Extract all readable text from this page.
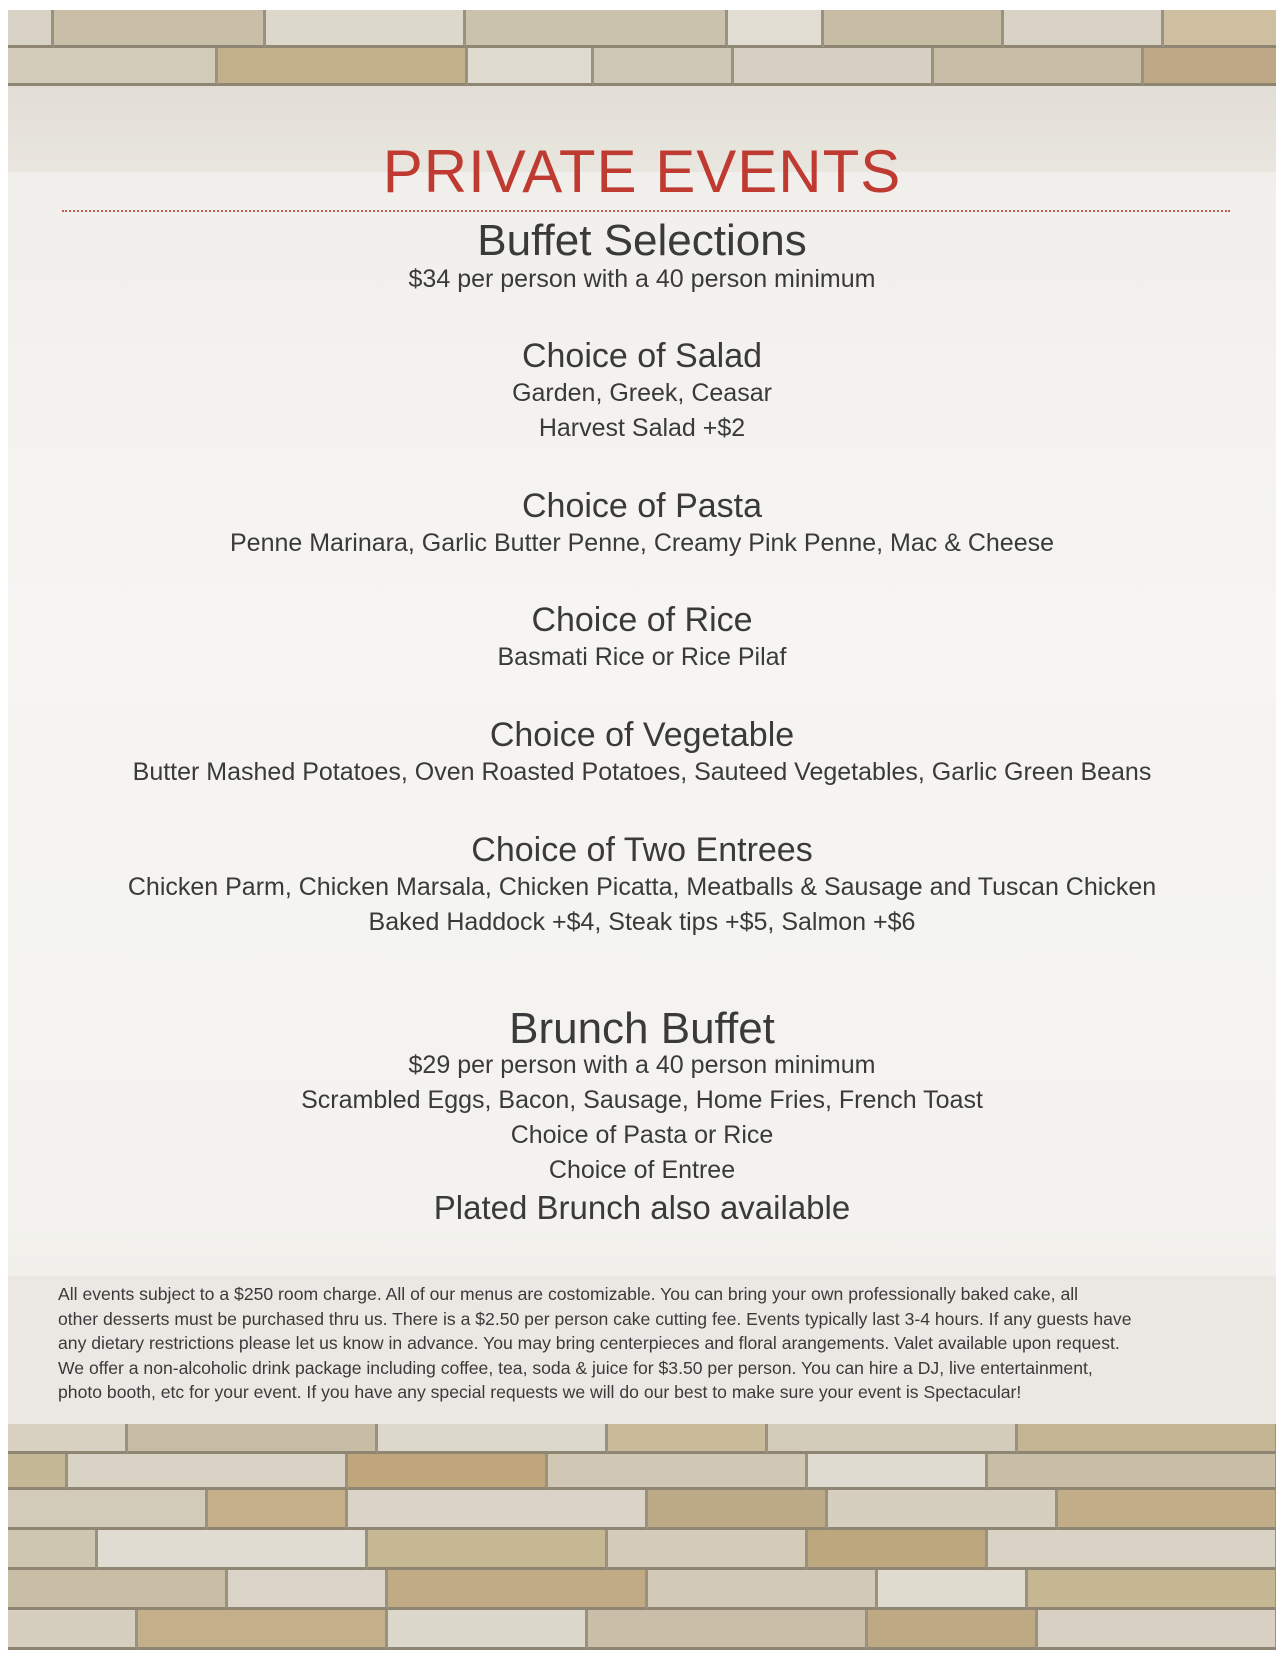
PRIVATE EVENTS
Buffet Selections
$34 per person with a 40 person minimum
Choice of Salad
Garden, Greek, Ceasar
Harvest Salad +$2
Choice of Pasta
Penne Marinara, Garlic Butter Penne, Creamy Pink Penne, Mac & Cheese
Choice of Rice
Basmati Rice or Rice Pilaf
Choice of Vegetable
Butter Mashed Potatoes, Oven Roasted Potatoes, Sauteed Vegetables, Garlic Green Beans
Choice of Two Entrees
Chicken Parm, Chicken Marsala, Chicken Picatta, Meatballs & Sausage and Tuscan Chicken
Baked Haddock +$4, Steak tips +$5, Salmon +$6
Brunch Buffet
$29 per person with a 40 person minimum
Scrambled Eggs, Bacon, Sausage, Home Fries, French Toast
Choice of Pasta or Rice
Choice of Entree
Plated Brunch also available
All events subject to a $250 room charge. All of our menus are costomizable. You can bring your own professionally baked cake, all
other desserts must be purchased thru us. There is a $2.50 per person cake cutting fee. Events typically last 3-4 hours. If any guests have
any dietary restrictions please let us know in advance. You may bring centerpieces and floral arangements. Valet available upon request.
We offer a non-alcoholic drink package including coffee, tea, soda & juice for $3.50 per person. You can hire a DJ, live entertainment,
photo booth, etc for your event. If you have any special requests we will do our best to make sure your event is Spectacular!
